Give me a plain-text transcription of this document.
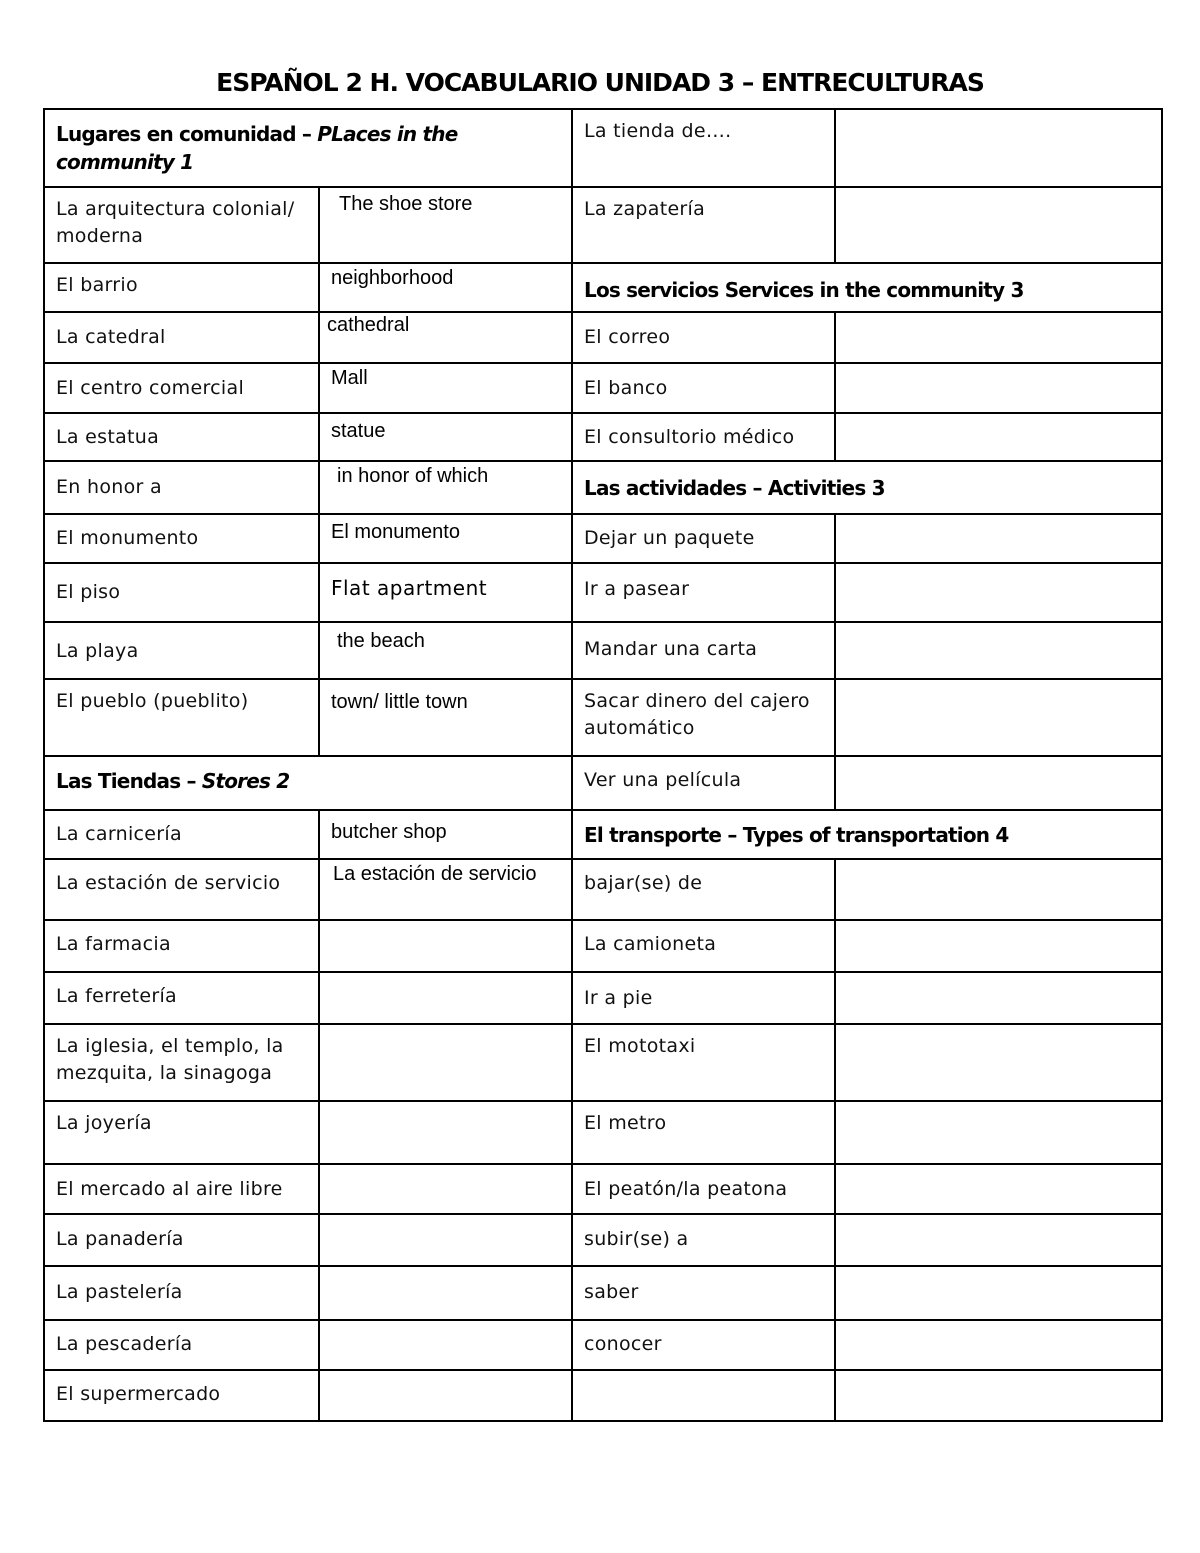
ESPAÑOL 2 H. VOCABULARIO UNIDAD 3 – ENTRECULTURAS
Lugares en comunidad – PLaces in the community 1		La tienda de….	

La arquitectura colonial/ moderna	The shoe store	La zapatería	

El barrio	neighborhood	Los servicios Services in the community 3	

La catedral	cathedral	El correo	

El centro comercial	Mall	El banco	

La estatua	statue	El consultorio médico	

En honor a	in honor of which	Las actividades – Activities 3	

El monumento	El monumento	Dejar un paquete	

El piso	Flat apartment	Ir a pasear	

La playa	the beach	Mandar una carta	

El pueblo (pueblito)	town/ little town	Sacar dinero del cajero automático	

Las Tiendas – Stores 2		Ver una película	

La carnicería	butcher shop	El transporte – Types of transportation 4	

La estación de servicio	La estación de servicio	bajar(se) de	

La farmacia		La camioneta	

La ferretería		Ir a pie	

La iglesia, el templo, la mezquita, la sinagoga		El mototaxi	

La joyería		El metro	

El mercado al aire libre		El peatón/la peatona	

La panadería		subir(se) a	

La pastelería		saber	

La pescadería		conocer	

El supermercado			
